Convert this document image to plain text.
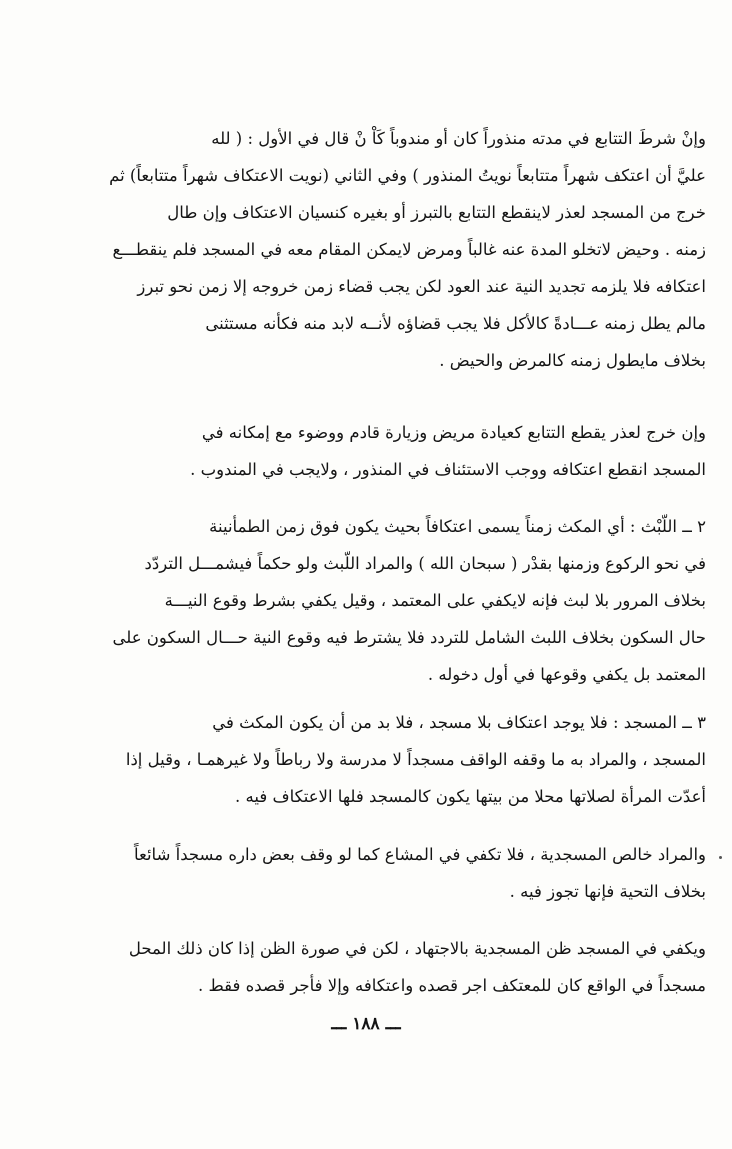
وإنْ شرطَ التتابع في مدته منذوراً كان أو مندوباً كَاْ نْ قال في الأول : ( لله
عليَّ أن اعتكف شهراً متتابعاً نويتُ المنذور ) وفي الثاني (نويت الاعتكاف شهراً متتابعاً) ثم
خرج من المسجد لعذر لاينقطع التتابع بالتبرز أو بغيره كنسيان الاعتكاف وإن طال
زمنه . وحيض لاتخلو المدة عنه غالباً ومرض لايمكن المقام معه في المسجد فلم ينقطـــع
اعتكافه فلا يلزمه تجديد النية عند العود لكن يجب قضاء زمن خروجه إلا زمن نحو تبرز
مالم يطل زمنه عـــادةً كالأكل فلا يجب قضاؤه لأنــه لابد منه فكأنه مستثنى
بخلاف مايطول زمنه كالمرض والحيض .

وإن خرج لعذر يقطع التتابع كعيادة مريض وزيارة قادم ووضوء مع إمكانه في
المسجد انقطع اعتكافه ووجب الاستئناف في المنذور ، ولايجب في المندوب .

٢ ــ اللّبْث : أي المكث زمناً يسمى اعتكافاً بحيث يكون فوق زمن الطمأنينة
في نحو الركوع وزمنها بقدْر ( سبحان الله ) والمراد اللّبث ولو حكماً فيشمـــل التردّد
بخلاف المرور بلا لبث فإنه لايكفي على المعتمد ، وقيل يكفي بشرط وقوع النيـــة
حال السكون بخلاف اللبث الشامل للتردد فلا يشترط فيه وقوع النية حـــال السكون على
المعتمد بل يكفي وقوعها في أول دخوله .

٣ ــ المسجد : فلا يوجد اعتكاف بلا مسجد ، فلا بد من أن يكون المكث في
المسجد ، والمراد به ما وقفه الواقف مسجداً لا مدرسة ولا رباطاً ولا غيرهمـا ، وقيل إذا
أعدّت المرأة لصلاتها محلا من بيتها يكون كالمسجد فلها الاعتكاف فيه .

والمراد خالص المسجدية ، فلا تكفي في المشاع كما لو وقف بعض داره مسجداً شائعاً
بخلاف التحية فإنها تجوز فيه .

ويكفي في المسجد ظن المسجدية بالاجتهاد ، لكن في صورة الظن إذا كان ذلك المحل
مسجداً في الواقع كان للمعتكف اجر قصده واعتكافه وإلا فأجر قصده فقط .

ـــ ١٨٨ ـــ
